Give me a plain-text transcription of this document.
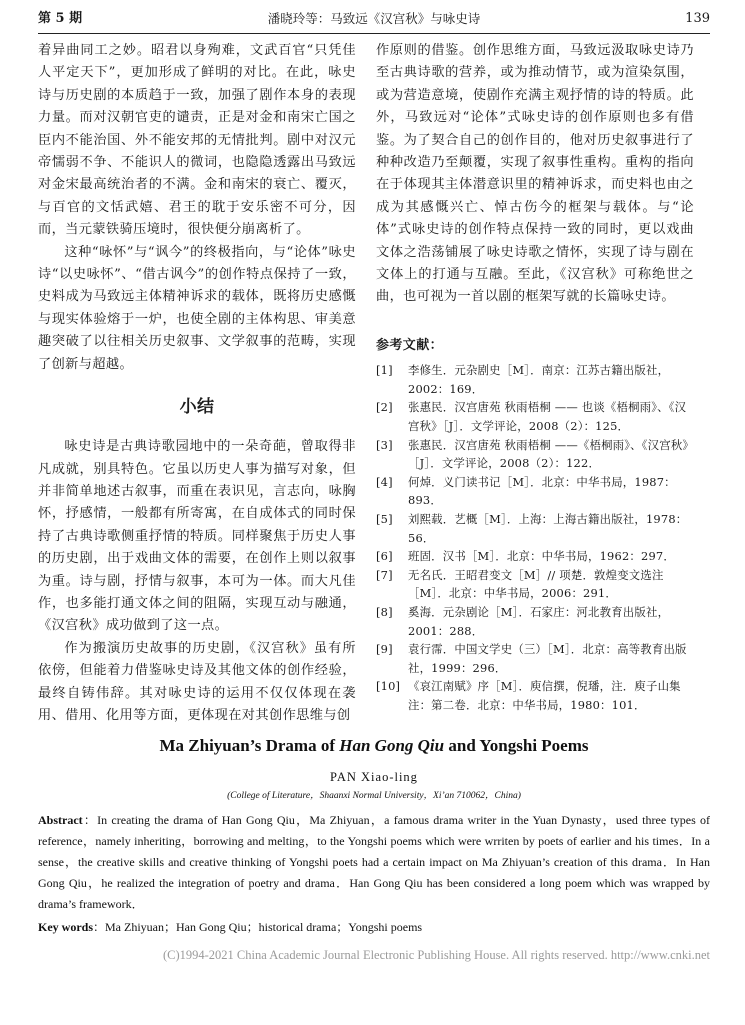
第 5 期	潘晓玲等：马致远《汉宫秋》与咏史诗	139

着异曲同工之妙。昭君以身殉难，文武百官“只凭佳人平定天下”，更加形成了鲜明的对比。在此，咏史诗与历史剧的本质趋于一致，加强了剧作本身的表现力量。而对汉朝官吏的谴责，正是对金和南宋亡国之臣内不能治国、外不能安邦的无情批判。剧中对汉元帝懦弱不争、不能识人的微词，也隐隐透露出马致远对金宋最高统治者的不满。金和南宋的衰亡、覆灭，与百官的文恬武嬉、君王的耽于安乐密不可分，因而，当元蒙铁骑压境时，很快便分崩离析了。

这种“咏怀”与“讽今”的终极指向，与“论体”咏史诗“以史咏怀”、“借古讽今”的创作特点保持了一致，史料成为马致远主体精神诉求的载体，既将历史感慨与现实体验熔于一炉，也使全剧的主体构思、审美意趣突破了以往相关历史叙事、文学叙事的范畴，实现了创新与超越。

小结

咏史诗是古典诗歌园地中的一朵奇葩，曾取得非凡成就，别具特色。它虽以历史人事为描写对象，但并非简单地述古叙事，而重在表识见，言志向，咏胸怀，抒感情，一般都有所寄寓，在自成体式的同时保持了古典诗歌侧重抒情的特质。同样聚焦于历史人事的历史剧，出于戏曲文体的需要，在创作上则以叙事为重。诗与剧，抒情与叙事，本可为一体。而大凡佳作，也多能打通文体之间的阻隔，实现互动与融通，《汉宫秋》成功做到了这一点。

作为搬演历史故事的历史剧，《汉宫秋》虽有所依傍，但能着力借鉴咏史诗及其他文体的创作经验，最终自铸伟辞。其对咏史诗的运用不仅仅体现在袭用、借用、化用等方面，更体现在对其创作思维与创

作原则的借鉴。创作思维方面，马致远汲取咏史诗乃至古典诗歌的营养，或为推动情节，或为渲染氛围，或为营造意境，使剧作充满主观抒情的诗的特质。此外，马致远对“论体”式咏史诗的创作原则也多有借鉴。为了契合自己的创作目的，他对历史叙事进行了种种改造乃至颠覆，实现了叙事性重构。重构的指向在于体现其主体潜意识里的精神诉求，而史料也由之成为其感慨兴亡、悼古伤今的框架与载体。与“论体”式咏史诗的创作特点保持一致的同时，更以戏曲文体之浩荡铺展了咏史诗歌之情怀，实现了诗与剧在文体上的打通与互融。至此，《汉宫秋》可称绝世之曲，也可视为一首以剧的框架写就的长篇咏史诗。

参考文献：
[1]	李修生．元杂剧史［M］．南京：江苏古籍出版社，2002：169．
[2]	张惠民．汉宫唐苑 秋雨梧桐 —— 也谈《梧桐雨》、《汉宫秋》［J］．文学评论，2008（2）：125．
[3]	张惠民．汉宫唐苑 秋雨梧桐 ——《梧桐雨》、《汉宫秋》［J］．文学评论，2008（2）：122．
[4]	何焯．义门读书记［M］．北京：中华书局，1987：893．
[5]	刘熙载．艺概［M］．上海：上海古籍出版社，1978：56．
[6]	班固．汉书［M］．北京：中华书局，1962：297．
[7]	无名氏．王昭君变文［M］// 项楚．敦煌变文选注［M］．北京：中华书局，2006：291．
[8]	奚海．元杂剧论［M］．石家庄：河北教育出版社，2001：288．
[9]	袁行霈．中国文学史（三）［M］．北京：高等教育出版社，1999：296．
[10] 《哀江南赋》序［M］．庾信撰，倪璠，注．庾子山集注：第二卷．北京：中华书局，1980：101．
Ma Zhiyuan’s Drama of Han Gong Qiu and Yongshi Poems
PAN Xiao-ling
(College of Literature，Shaanxi Normal University，Xi’an 710062，China)
Abstract：In creating the drama of Han Gong Qiu，Ma Zhiyuan，a famous drama writer in the Yuan Dynasty，used three types of reference，namely inheriting，borrowing and melting，to the Yongshi poems which were wrriten by poets of earlier and his times．In a sense，the creative skills and creative thinking of Yongshi poets had a certain impact on Ma Zhiyuan’s creation of this drama．In Han Gong Qiu，he realized the integration of poetry and drama．Han Gong Qiu has been considered a long poem which was wrapped by drama’s framework．
Key words：Ma Zhiyuan；Han Gong Qiu；historical drama；Yongshi poems
(C)1994-2021 China Academic Journal Electronic Publishing House. All rights reserved. http://www.cnki.net
